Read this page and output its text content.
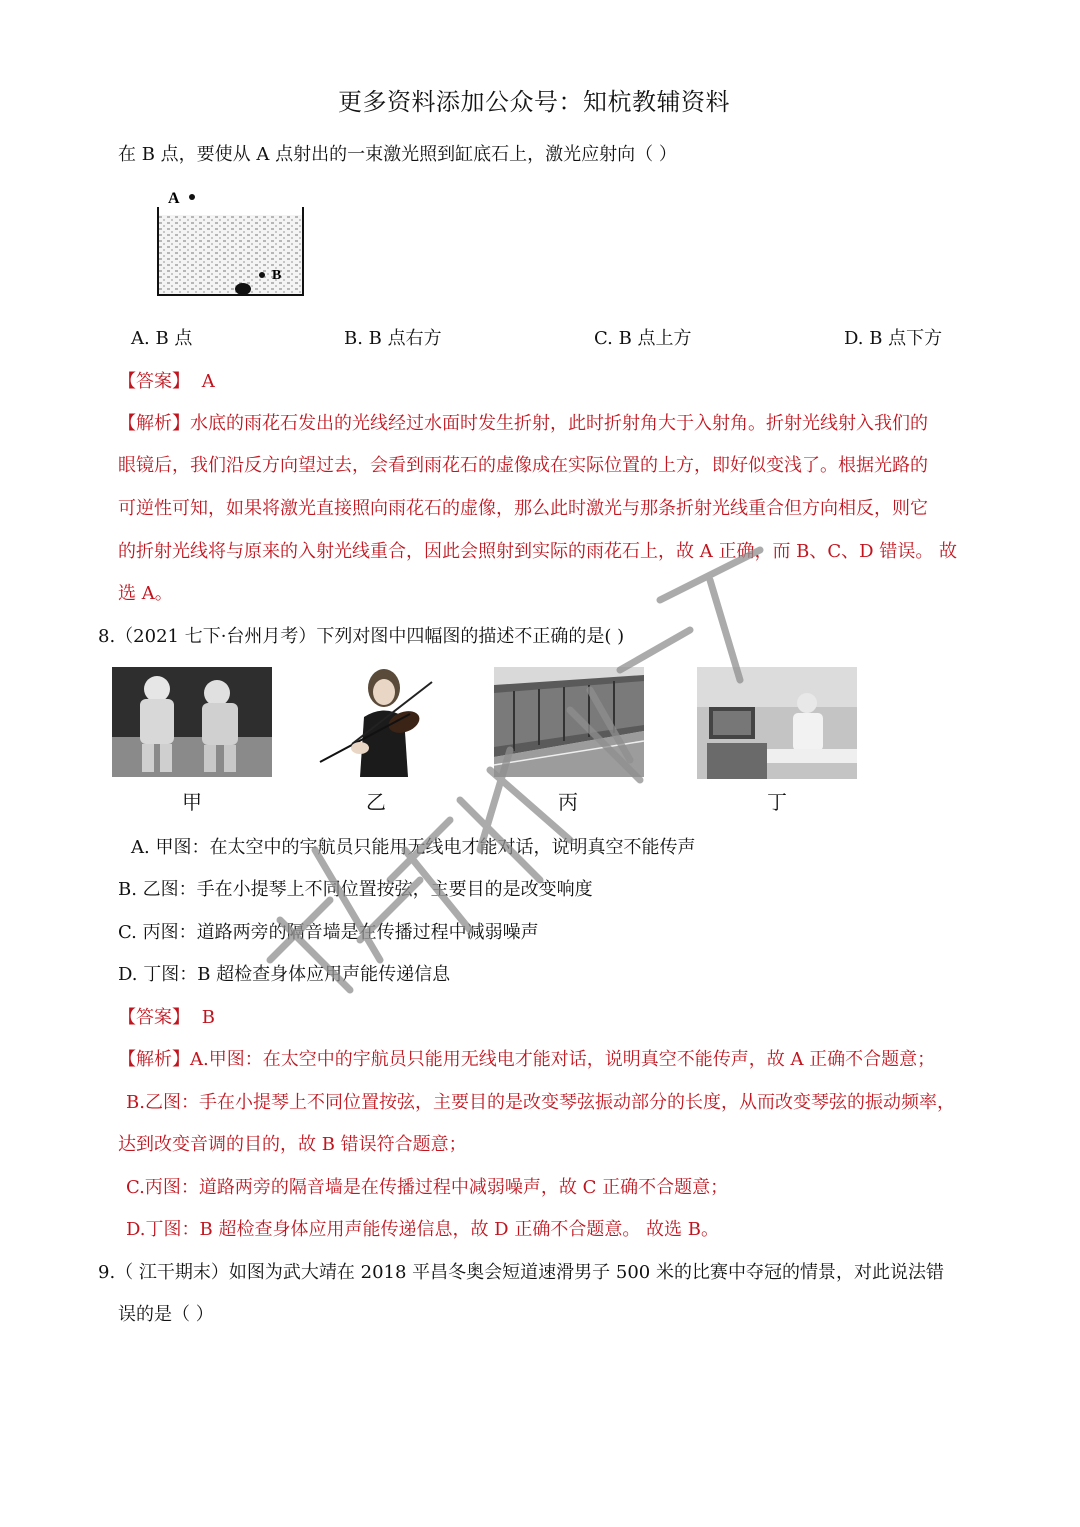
更多资料添加公众号：知杭教辅资料
在 B 点，要使从 A 点射出的一束激光照到缸底石上，激光应射向（ ）
A
B
A. B 点	B. B 点右方	C. B 点上方	D. B 点下方
【答案】 A
【解析】水底的雨花石发出的光线经过水面时发生折射，此时折射角大于入射角。折射光线射入我们的
眼镜后，我们沿反方向望过去，会看到雨花石的虚像成在实际位置的上方，即好似变浅了。根据光路的
可逆性可知，如果将激光直接照向雨花石的虚像，那么此时激光与那条折射光线重合但方向相反，则它
的折射光线将与原来的入射光线重合，因此会照射到实际的雨花石上，故 A 正确，而 B、C、D 错误。 故
选 A。
8.（2021 七下·台州月考）下列对图中四幅图的描述不正确的是( )
甲	乙	丙	丁
A. 甲图：在太空中的宇航员只能用无线电才能对话，说明真空不能传声
B. 乙图：手在小提琴上不同位置按弦，主要目的是改变响度
C. 丙图：道路两旁的隔音墙是在传播过程中减弱噪声
D. 丁图：B 超检查身体应用声能传递信息
【答案】 B
【解析】A.甲图：在太空中的宇航员只能用无线电才能对话，说明真空不能传声，故 A 正确不合题意；
B.乙图：手在小提琴上不同位置按弦，主要目的是改变琴弦振动部分的长度，从而改变琴弦的振动频率，
达到改变音调的目的，故 B 错误符合题意；
C.丙图：道路两旁的隔音墙是在传播过程中减弱噪声，故 C 正确不合题意；
D.丁图：B 超检查身体应用声能传递信息，故 D 正确不合题意。 故选 B。
9.（ 江干期末）如图为武大靖在 2018 平昌冬奥会短道速滑男子 500 米的比赛中夺冠的情景，对此说法错
误的是（ ）
